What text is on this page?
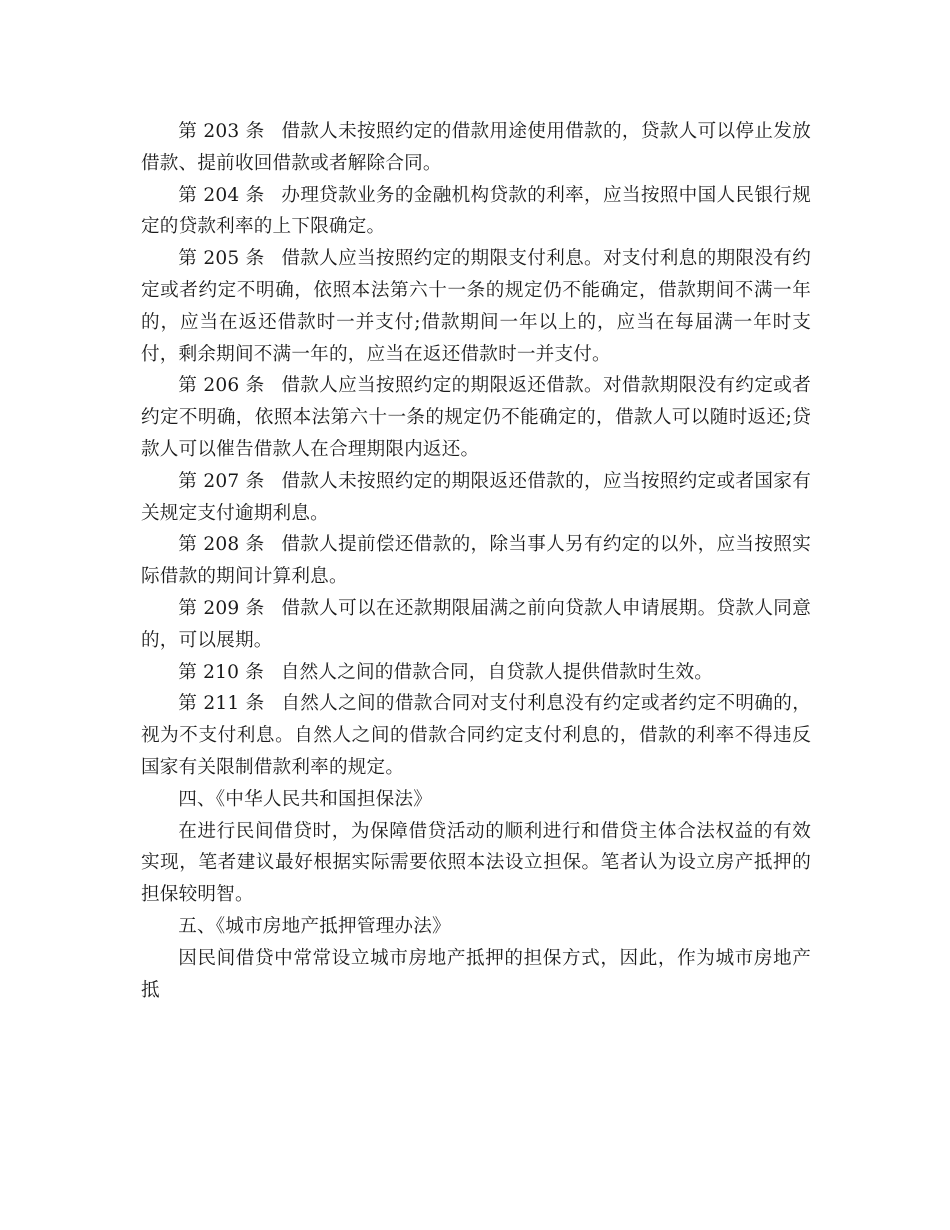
第 203 条 借款人未按照约定的借款用途使用借款的，贷款人可以停止发放借款、提前收回借款或者解除合同。

第 204 条 办理贷款业务的金融机构贷款的利率，应当按照中国人民银行规定的贷款利率的上下限确定。

第 205 条 借款人应当按照约定的期限支付利息。对支付利息的期限没有约定或者约定不明确，依照本法第六十一条的规定仍不能确定，借款期间不满一年的，应当在返还借款时一并支付;借款期间一年以上的，应当在每届满一年时支付，剩余期间不满一年的，应当在返还借款时一并支付。

第 206 条 借款人应当按照约定的期限返还借款。对借款期限没有约定或者约定不明确，依照本法第六十一条的规定仍不能确定的，借款人可以随时返还;贷款人可以催告借款人在合理期限内返还。

第 207 条 借款人未按照约定的期限返还借款的，应当按照约定或者国家有关规定支付逾期利息。

第 208 条 借款人提前偿还借款的，除当事人另有约定的以外，应当按照实际借款的期间计算利息。

第 209 条 借款人可以在还款期限届满之前向贷款人申请展期。贷款人同意的，可以展期。

第 210 条 自然人之间的借款合同，自贷款人提供借款时生效。

第 211 条 自然人之间的借款合同对支付利息没有约定或者约定不明确的，视为不支付利息。自然人之间的借款合同约定支付利息的，借款的利率不得违反国家有关限制借款利率的规定。

四、《中华人民共和国担保法》

在进行民间借贷时，为保障借贷活动的顺利进行和借贷主体合法权益的有效实现，笔者建议最好根据实际需要依照本法设立担保。笔者认为设立房产抵押的担保较明智。

五、《城市房地产抵押管理办法》

因民间借贷中常常设立城市房地产抵押的担保方式，因此，作为城市房地产抵
